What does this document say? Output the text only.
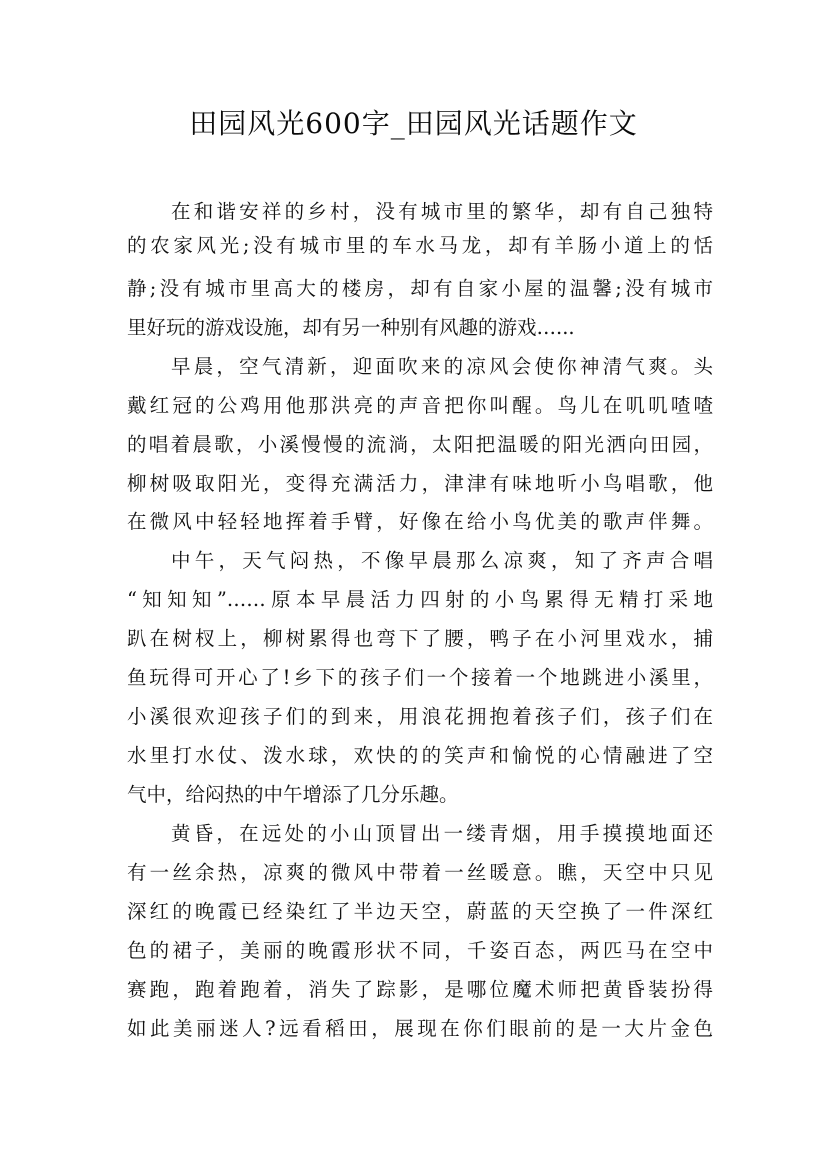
田园风光600字_田园风光话题作文
在和谐安祥的乡村，没有城市里的繁华，却有自己独特
的农家风光;没有城市里的车水马龙，却有羊肠小道上的恬
静;没有城市里高大的楼房，却有自家小屋的温馨;没有城市
里好玩的游戏设施，却有另一种别有风趣的游戏…...
早晨，空气清新，迎面吹来的凉风会使你神清气爽。头
戴红冠的公鸡用他那洪亮的声音把你叫醒。鸟儿在叽叽喳喳
的唱着晨歌，小溪慢慢的流淌，太阳把温暖的阳光洒向田园，
柳树吸取阳光，变得充满活力，津津有味地听小鸟唱歌，他
在微风中轻轻地挥着手臂，好像在给小鸟优美的歌声伴舞。
中午，天气闷热，不像早晨那么凉爽，知了齐声合唱
“知知知”……原本早晨活力四射的小鸟累得无精打采地
趴在树杈上，柳树累得也弯下了腰，鸭子在小河里戏水，捕
鱼玩得可开心了!乡下的孩子们一个接着一个地跳进小溪里，
小溪很欢迎孩子们的到来，用浪花拥抱着孩子们，孩子们在
水里打水仗、泼水球，欢快的的笑声和愉悦的心情融进了空
气中，给闷热的中午增添了几分乐趣。
黄昏，在远处的小山顶冒出一缕青烟，用手摸摸地面还
有一丝余热，凉爽的微风中带着一丝暖意。瞧，天空中只见
深红的晚霞已经染红了半边天空，蔚蓝的天空换了一件深红
色的裙子，美丽的晚霞形状不同，千姿百态，两匹马在空中
赛跑，跑着跑着，消失了踪影，是哪位魔术师把黄昏装扮得
如此美丽迷人?远看稻田，展现在你们眼前的是一大片金色
